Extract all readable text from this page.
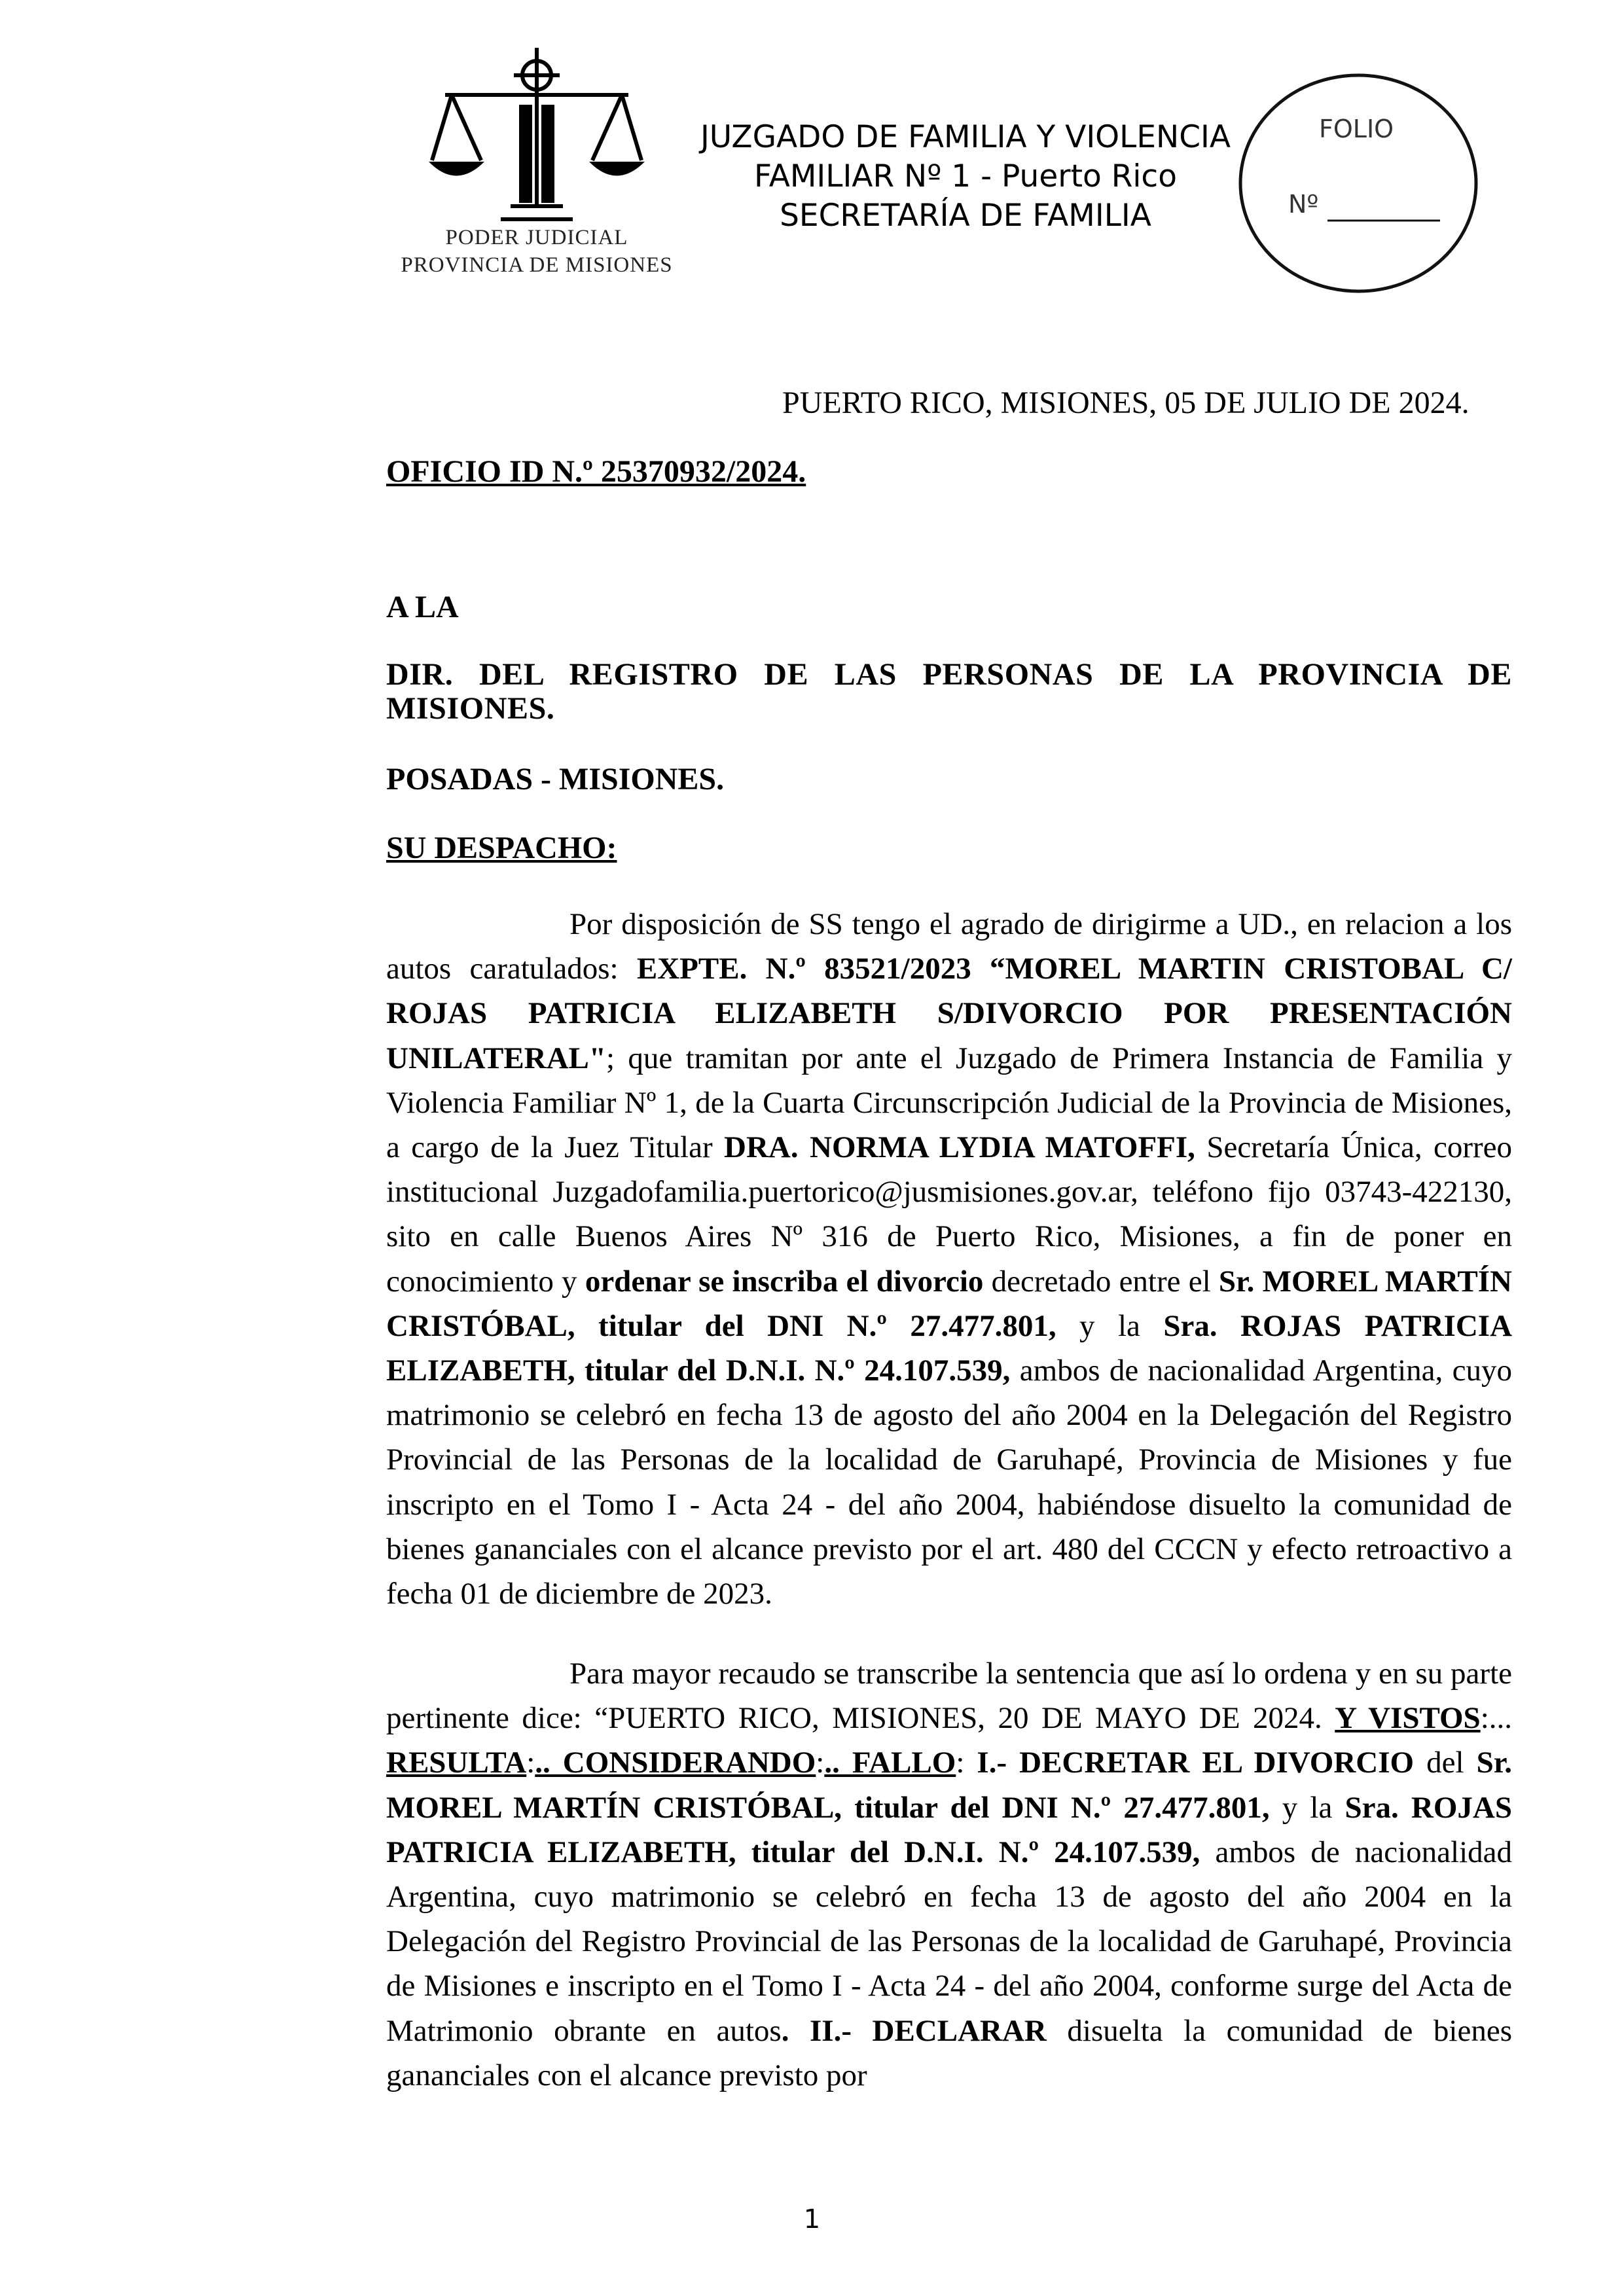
PODER JUDICIAL
PROVINCIA DE MISIONES
JUZGADO DE FAMILIA Y VIOLENCIA
FAMILIAR Nº 1 - Puerto Rico
SECRETARÍA DE FAMILIA
FOLIO
Nº
PUERTO RICO, MISIONES, 05 DE JULIO DE 2024.
OFICIO ID N.º 25370932/2024.
A LA
DIR. DEL REGISTRO DE LAS PERSONAS DE LA PROVINCIA DE MISIONES.
POSADAS - MISIONES.
SU DESPACHO:

Por disposición de SS tengo el agrado de dirigirme a UD., en relacion a los autos caratulados: EXPTE. N.º 83521/2023 “MOREL MARTIN CRISTOBAL C/ ROJAS PATRICIA ELIZABETH S/DIVORCIO POR PRESENTACIÓN UNILATERAL"; que tramitan por ante el Juzgado de Primera Instancia de Familia y Violencia Familiar Nº 1, de la Cuarta Circunscripción Judicial de la Provincia de Misiones, a cargo de la Juez Titular DRA. NORMA LYDIA MATOFFI, Secretaría Única, correo institucional Juzgadofamilia.puertorico@jusmisiones.gov.ar, teléfono fijo 03743-422130, sito en calle Buenos Aires Nº 316 de Puerto Rico, Misiones, a fin de poner en conocimiento y ordenar se inscriba el divorcio decretado entre el Sr. MOREL MARTÍN CRISTÓBAL, titular del DNI N.º 27.477.801, y la Sra. ROJAS PATRICIA ELIZABETH, titular del D.N.I. N.º 24.107.539, ambos de nacionalidad Argentina, cuyo matrimonio se celebró en fecha 13 de agosto del año 2004 en la Delegación del Registro Provincial de las Personas de la localidad de Garuhapé, Provincia de Misiones y fue inscripto en el Tomo I - Acta 24 - del año 2004, habiéndose disuelto la comunidad de bienes gananciales con el alcance previsto por el art. 480 del CCCN y efecto retroactivo a fecha 01 de diciembre de 2023.

Para mayor recaudo se transcribe la sentencia que así lo ordena y en su parte pertinente dice: “PUERTO RICO, MISIONES, 20 DE MAYO DE 2024. Y VISTOS:... RESULTA:.. CONSIDERANDO:.. FALLO: I.- DECRETAR EL DIVORCIO del Sr. MOREL MARTÍN CRISTÓBAL, titular del DNI N.º 27.477.801, y la Sra. ROJAS PATRICIA ELIZABETH, titular del D.N.I. N.º 24.107.539, ambos de nacionalidad Argentina, cuyo matrimonio se celebró en fecha 13 de agosto del año 2004 en la Delegación del Registro Provincial de las Personas de la localidad de Garuhapé, Provincia de Misiones e inscripto en el Tomo I - Acta 24 - del año 2004, conforme surge del Acta de Matrimonio obrante en autos. II.- DECLARAR disuelta la comunidad de bienes gananciales con el alcance previsto por

1
